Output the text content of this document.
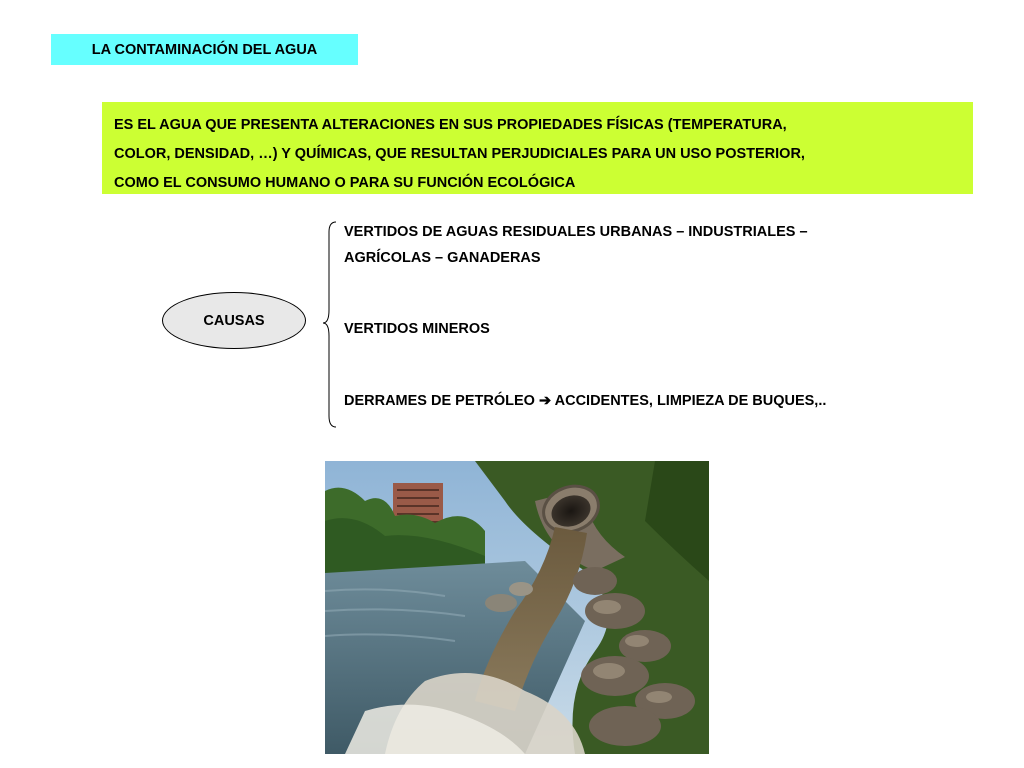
LA CONTAMINACIÓN DEL AGUA
ES EL AGUA QUE PRESENTA ALTERACIONES EN SUS PROPIEDADES FÍSICAS (TEMPERATURA,
COLOR, DENSIDAD, …) Y QUÍMICAS, QUE RESULTAN PERJUDICIALES PARA UN USO POSTERIOR,
COMO EL CONSUMO HUMANO O PARA SU FUNCIÓN ECOLÓGICA
CAUSAS
VERTIDOS DE AGUAS RESIDUALES URBANAS – INDUSTRIALES –
AGRÍCOLAS – GANADERAS
VERTIDOS MINEROS
DERRAMES DE PETRÓLEO ➔ ACCIDENTES, LIMPIEZA DE BUQUES,..
